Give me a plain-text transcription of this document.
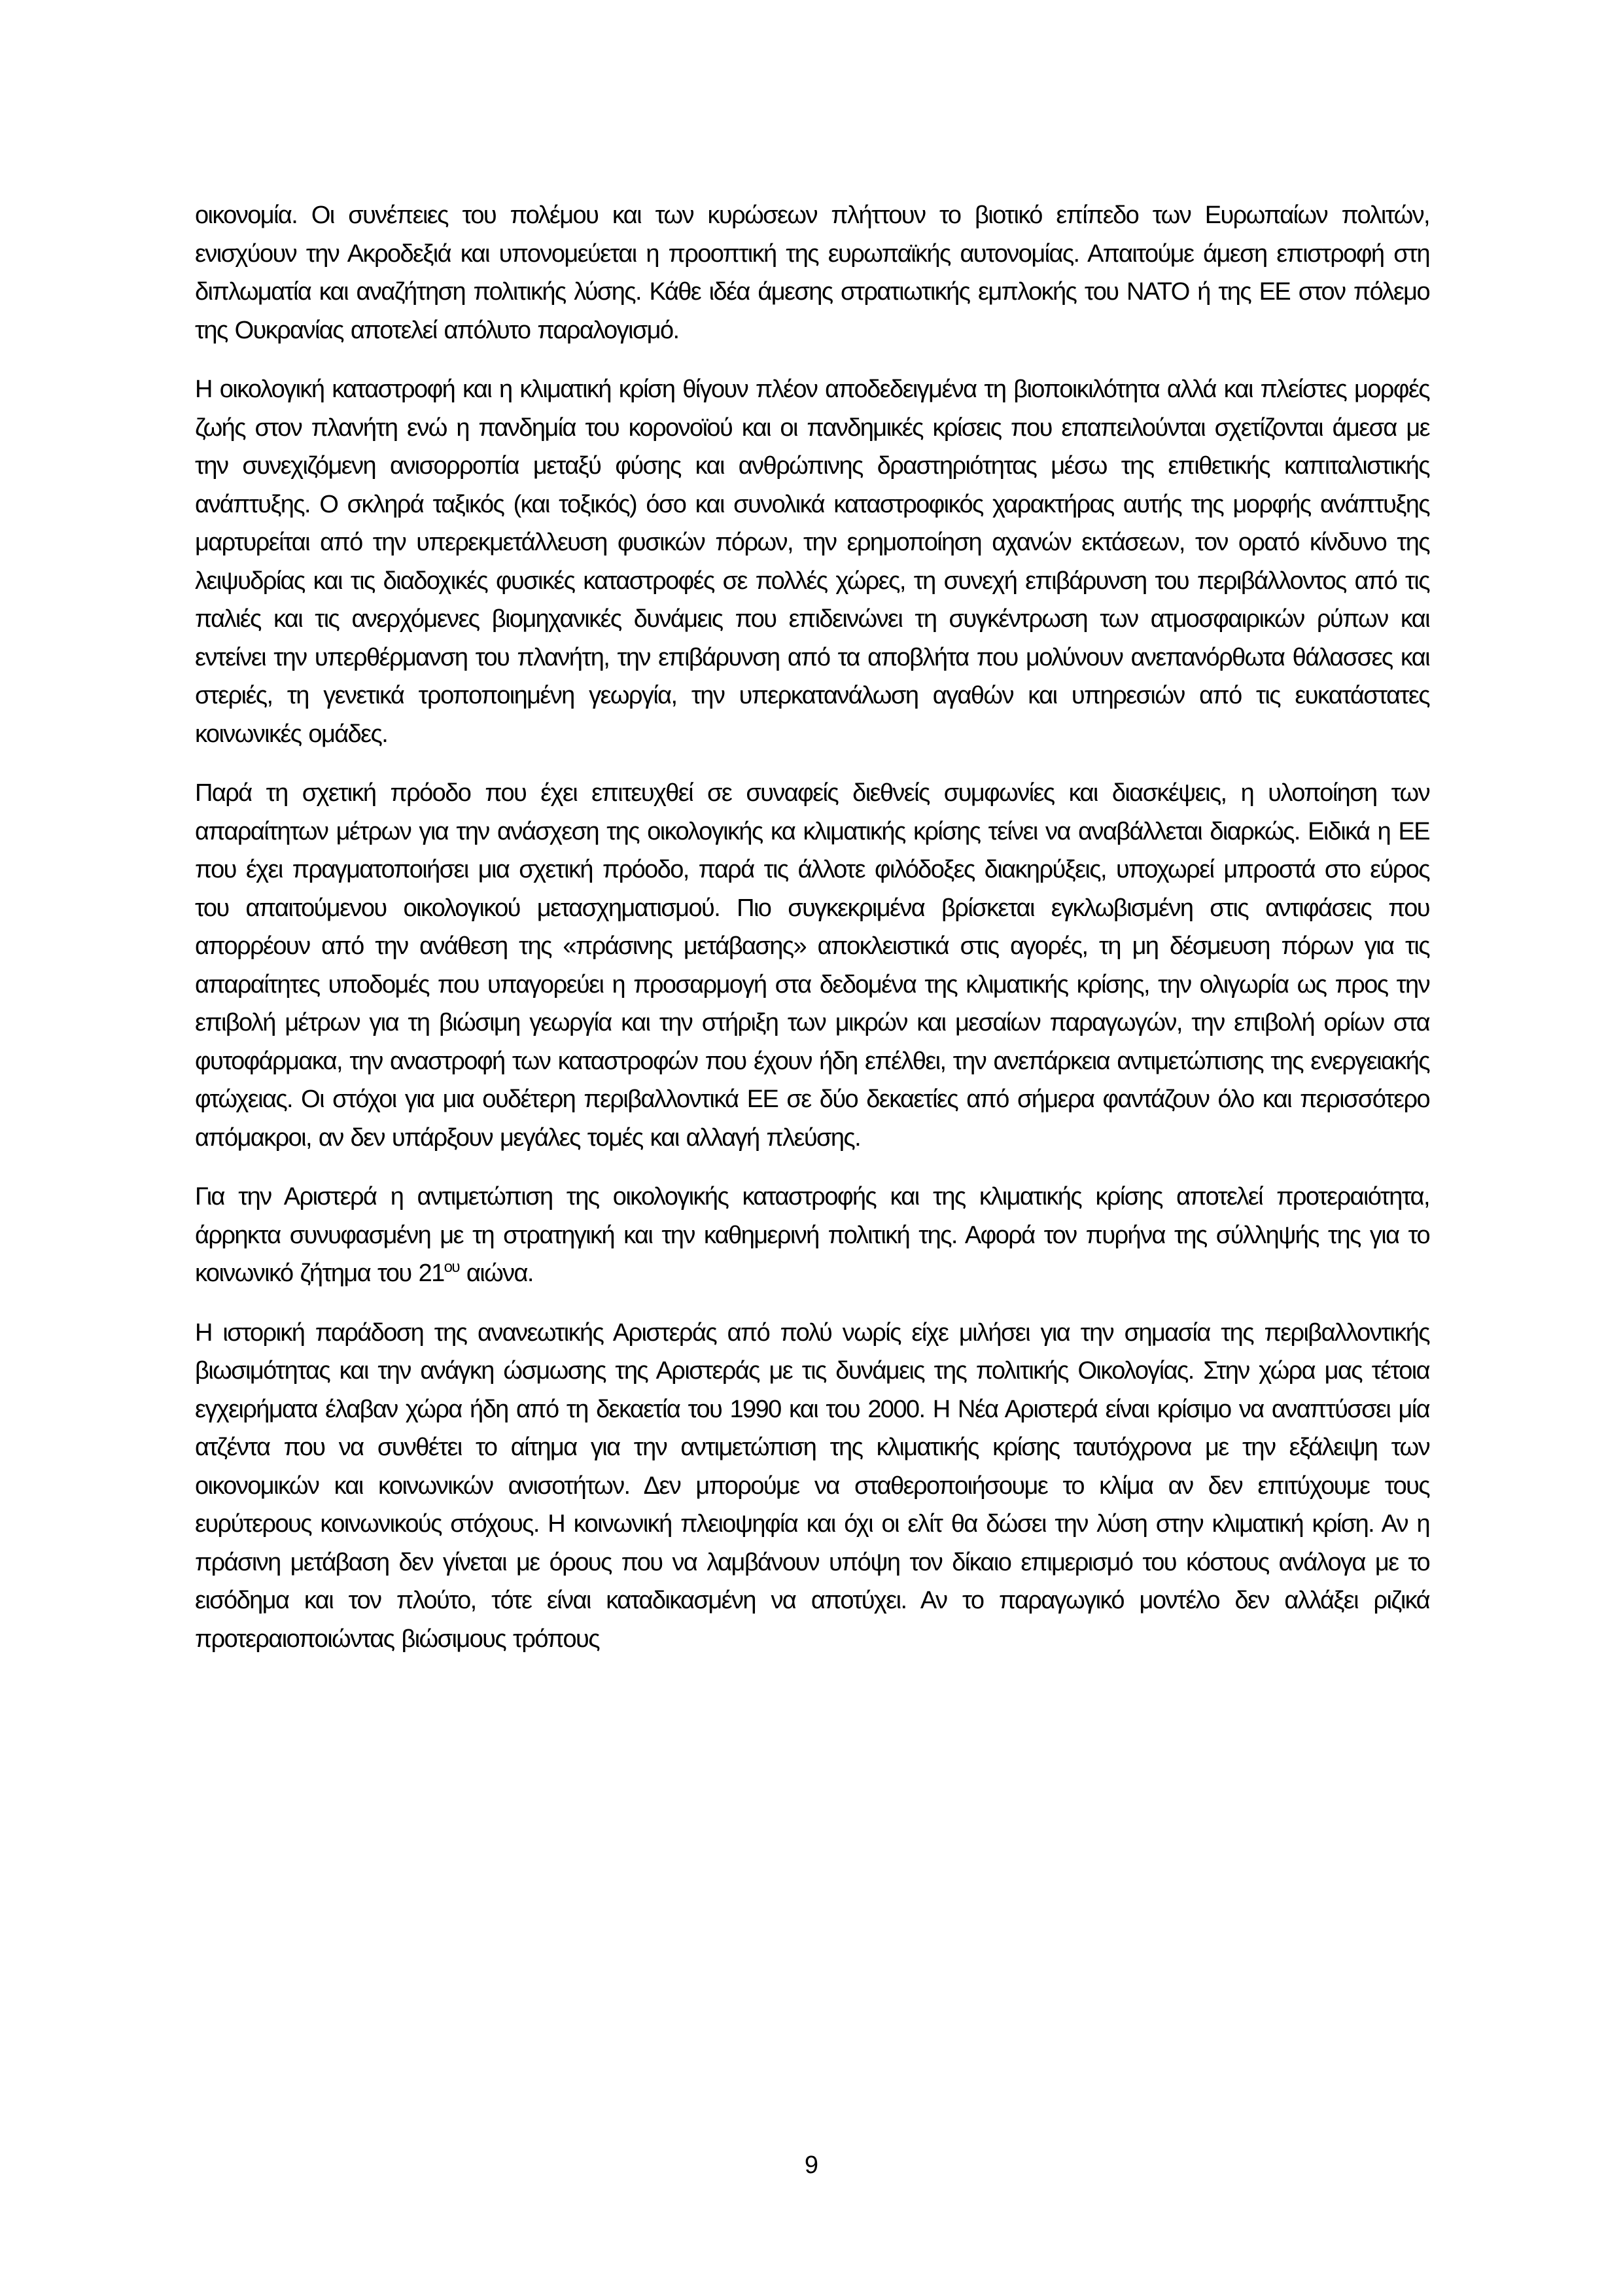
οικονομία. Οι συνέπειες του πολέμου και των κυρώσεων πλήττουν το βιοτικό επίπεδο των Ευρωπαίων πολιτών, ενισχύουν την Ακροδεξιά και υπονομεύεται η προοπτική της ευρωπαϊκής αυτονομίας. Απαιτούμε άμεση επιστροφή στη διπλωματία και αναζήτηση πολιτικής λύσης. Κάθε ιδέα άμεσης στρατιωτικής εμπλοκής του ΝΑΤΟ ή της ΕΕ στον πόλεμο της Ουκρανίας αποτελεί απόλυτο παραλογισμό.

Η οικολογική καταστροφή και η κλιματική κρίση θίγουν πλέον αποδεδειγμένα τη βιοποικιλότητα αλλά και πλείστες μορφές ζωής στον πλανήτη ενώ η πανδημία του κορονοϊού και οι πανδημικές κρίσεις που επαπειλούνται σχετίζονται άμεσα με την συνεχιζόμενη ανισορροπία μεταξύ φύσης και ανθρώπινης δραστηριότητας μέσω της επιθετικής καπιταλιστικής ανάπτυξης. Ο σκληρά ταξικός (και τοξικός) όσο και συνολικά καταστροφικός χαρακτήρας αυτής της μορφής ανάπτυξης μαρτυρείται από την υπερεκμετάλλευση φυσικών πόρων, την ερημοποίηση αχανών εκτάσεων, τον ορατό κίνδυνο της λειψυδρίας και τις διαδοχικές φυσικές καταστροφές σε πολλές χώρες, τη συνεχή επιβάρυνση του περιβάλλοντος από τις παλιές και τις ανερχόμενες βιομηχανικές δυνάμεις που επιδεινώνει τη συγκέντρωση των ατμοσφαιρικών ρύπων και εντείνει την υπερθέρμανση του πλανήτη, την επιβάρυνση από τα αποβλήτα που μολύνουν ανεπανόρθωτα θάλασσες και στεριές, τη γενετικά τροποποιημένη γεωργία, την υπερκατανάλωση αγαθών και υπηρεσιών από τις ευκατάστατες κοινωνικές ομάδες.

Παρά τη σχετική πρόοδο που έχει επιτευχθεί σε συναφείς διεθνείς συμφωνίες και διασκέψεις, η υλοποίηση των απαραίτητων μέτρων για την ανάσχεση της οικολογικής κα κλιματικής κρίσης τείνει να αναβάλλεται διαρκώς. Ειδικά η ΕΕ που έχει πραγματοποιήσει μια σχετική πρόοδο, παρά τις άλλοτε φιλόδοξες διακηρύξεις, υποχωρεί μπροστά στο εύρος του απαιτούμενου οικολογικού μετασχηματισμού. Πιο συγκεκριμένα βρίσκεται εγκλωβισμένη στις αντιφάσεις που απορρέουν από την ανάθεση της «πράσινης μετάβασης» αποκλειστικά στις αγορές, τη μη δέσμευση πόρων για τις απαραίτητες υποδομές που υπαγορεύει η προσαρμογή στα δεδομένα της κλιματικής κρίσης, την ολιγωρία ως προς την επιβολή μέτρων για τη βιώσιμη γεωργία και την στήριξη των μικρών και μεσαίων παραγωγών, την επιβολή ορίων στα φυτοφάρμακα, την αναστροφή των καταστροφών που έχουν ήδη επέλθει, την ανεπάρκεια αντιμετώπισης της ενεργειακής φτώχειας. Οι στόχοι για μια ουδέτερη περιβαλλοντικά ΕΕ σε δύο δεκαετίες από σήμερα φαντάζουν όλο και περισσότερο απόμακροι, αν δεν υπάρξουν μεγάλες τομές και αλλαγή πλεύσης.

Για την Αριστερά η αντιμετώπιση της οικολογικής καταστροφής και της κλιματικής κρίσης αποτελεί προτεραιότητα, άρρηκτα συνυφασμένη με τη στρατηγική και την καθημερινή πολιτική της. Αφορά τον πυρήνα της σύλληψής της για το κοινωνικό ζήτημα του $21^{o\upsilon}$ αιώνα.

Η ιστορική παράδοση της ανανεωτικής Αριστεράς από πολύ νωρίς είχε μιλήσει για την σημασία της περιβαλλοντικής βιωσιμότητας και την ανάγκη ώσμωσης της Αριστεράς με τις δυνάμεις της πολιτικής Οικολογίας. Στην χώρα μας τέτοια εγχειρήματα έλαβαν χώρα ήδη από τη δεκαετία του 1990 και του 2000. Η Νέα Αριστερά είναι κρίσιμο να αναπτύσσει μία ατζέντα που να συνθέτει το αίτημα για την αντιμετώπιση της κλιματικής κρίσης ταυτόχρονα με την εξάλειψη των οικονομικών και κοινωνικών ανισοτήτων. Δεν μπορούμε να σταθεροποιήσουμε το κλίμα αν δεν επιτύχουμε τους ευρύτερους κοινωνικούς στόχους. Η κοινωνική πλειοψηφία και όχι οι ελίτ θα δώσει την λύση στην κλιματική κρίση. Αν η πράσινη μετάβαση δεν γίνεται με όρους που να λαμβάνουν υπόψη τον δίκαιο επιμερισμό του κόστους ανάλογα με το εισόδημα και τον πλούτο, τότε είναι καταδικασμένη να αποτύχει. Αν το παραγωγικό μοντέλο δεν αλλάξει ριζικά προτεραιοποιώντας βιώσιμους τρόπους

9
